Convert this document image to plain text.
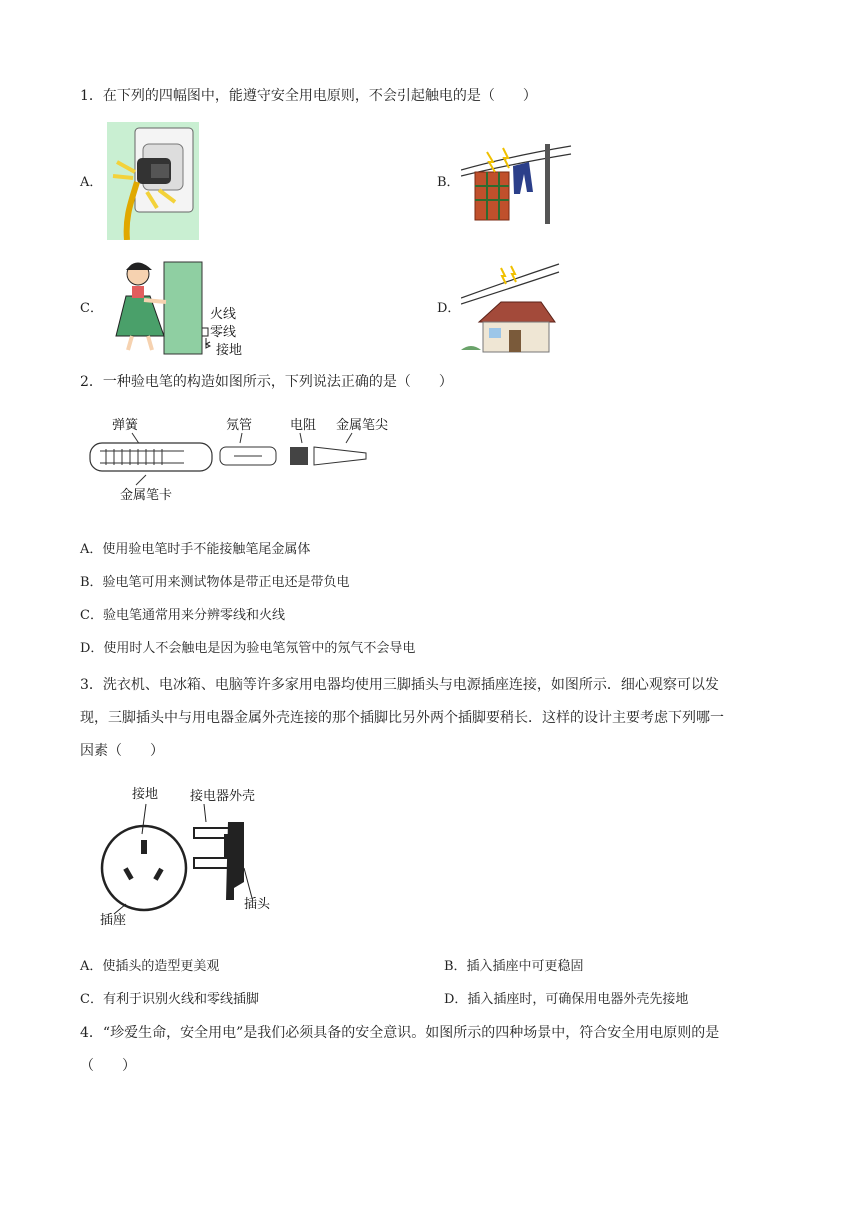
1．在下列的四幅图中，能遵守安全用电原则，不会引起触电的是（　　）
A．	B．
C．	火线
零线
接地
D．
2．一种验电笔的构造如图所示，下列说法正确的是（　　）
弹簧	氖管	电阻 金属笔尖
金属笔卡
A．使用验电笔时手不能接触笔尾金属体
B．验电笔可用来测试物体是带正电还是带负电
C．验电笔通常用来分辨零线和火线
D．使用时人不会触电是因为验电笔氖管中的氖气不会导电
3．洗衣机、电冰箱、电脑等许多家用电器均使用三脚插头与电源插座连接，如图所示．细心观察可以发
现，三脚插头中与用电器金属外壳连接的那个插脚比另外两个插脚要稍长．这样的设计主要考虑下列哪一
因素（　　）
接地 接电器外壳
插座
插头
A．使插头的造型更美观	B．插入插座中可更稳固
C．有利于识别火线和零线插脚	D．插入插座时，可确保用电器外壳先接地
4．“珍爱生命，安全用电”是我们必须具备的安全意识。如图所示的四种场景中，符合安全用电原则的是
（　　）
